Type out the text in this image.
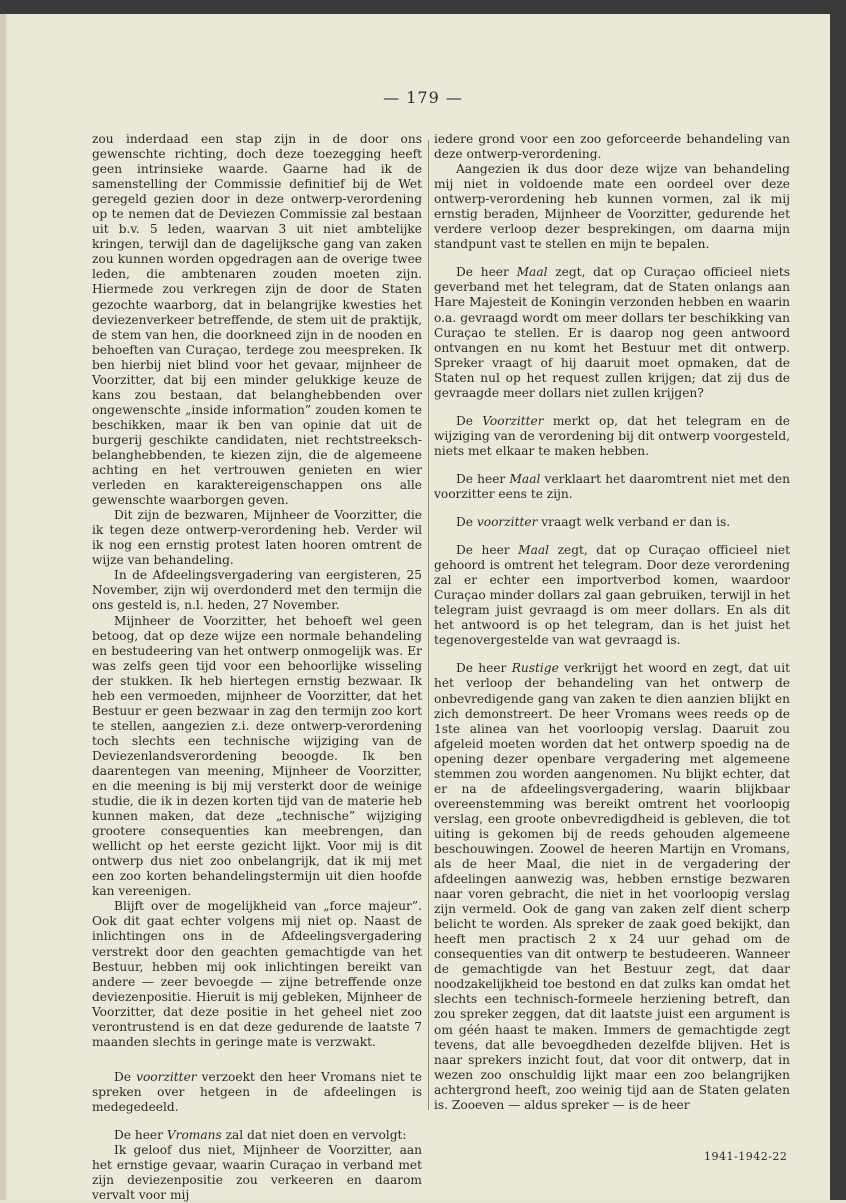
— 179 —

zou inderdaad een stap zijn in de door ons gewenschte richting, doch deze toezegging heeft geen intrinsieke waarde. Gaarne had ik de samenstelling der Commissie definitief bij de Wet geregeld gezien door in deze ontwerp-verordening op te nemen dat de Deviezen Commissie zal bestaan uit b.v. 5 leden, waarvan 3 uit niet ambtelijke kringen, terwijl dan de dagelijksche gang van zaken zou kunnen worden opgedragen aan de overige twee leden, die ambtenaren zouden moeten zijn. Hiermede zou verkregen zijn de door de Staten gezochte waarborg, dat in belangrijke kwesties het deviezenverkeer betreffende, de stem uit de praktijk, de stem van hen, die doorkneed zijn in de nooden en behoeften van Curaçao, terdege zou meespreken. Ik ben hierbij niet blind voor het gevaar, mijnheer de Voorzitter, dat bij een minder gelukkige keuze de kans zou bestaan, dat belanghebbenden over ongewenschte „inside information” zouden komen te beschikken, maar ik ben van opinie dat uit de burgerij geschikte candidaten, niet rechtstreeksch-belanghebbenden, te kiezen zijn, die de algemeene achting en het vertrouwen genieten en wier verleden en karaktereigenschappen ons alle gewenschte waarborgen geven.

Dit zijn de bezwaren, Mijnheer de Voorzitter, die ik tegen deze ontwerp-verordening heb. Verder wil ik nog een ernstig protest laten hooren omtrent de wijze van behandeling.

In de Afdeelingsvergadering van eergisteren, 25 November, zijn wij overdonderd met den termijn die ons gesteld is, n.l. heden, 27 November.

Mijnheer de Voorzitter, het behoeft wel geen betoog, dat op deze wijze een normale behandeling en bestudeering van het ontwerp onmogelijk was. Er was zelfs geen tijd voor een behoorlijke wisseling der stukken. Ik heb hiertegen ernstig bezwaar. Ik heb een vermoeden, mijnheer de Voorzitter, dat het Bestuur er geen bezwaar in zag den termijn zoo kort te stellen, aangezien z.i. deze ontwerp-verordening toch slechts een technische wijziging van de Deviezenlandsverordening beoogde. Ik ben daarentegen van meening, Mijnheer de Voorzitter, en die meening is bij mij versterkt door de weinige studie, die ik in dezen korten tijd van de materie heb kunnen maken, dat deze „technische” wijziging grootere consequenties kan meebrengen, dan wellicht op het eerste gezicht lijkt. Voor mij is dit ontwerp dus niet zoo onbelangrijk, dat ik mij met een zoo korten behandelingstermijn uit dien hoofde kan vereenigen.

Blijft over de mogelijkheid van „force majeur”. Ook dit gaat echter volgens mij niet op. Naast de inlichtingen ons in de Afdeelingsvergadering verstrekt door den geachten gemachtigde van het Bestuur, hebben mij ook inlichtingen bereikt van andere — zeer bevoegde — zijne betreffende onze deviezenpositie. Hieruit is mij gebleken, Mijnheer de Voorzitter, dat deze positie in het geheel niet zoo verontrustend is en dat deze gedurende de laatste 7 maanden slechts in geringe mate is verzwakt.

De voorzitter verzoekt den heer Vromans niet te spreken over hetgeen in de afdeelingen is medegedeeld.

De heer Vromans zal dat niet doen en vervolgt:

Ik geloof dus niet, Mijnheer de Voorzitter, aan het ernstige gevaar, waarin Curaçao in verband met zijn deviezenpositie zou verkeeren en daarom vervalt voor mij

iedere grond voor een zoo geforceerde behandeling van deze ontwerp-verordening.

Aangezien ik dus door deze wijze van behandeling mij niet in voldoende mate een oordeel over deze ontwerp-verordening heb kunnen vormen, zal ik mij ernstig beraden, Mijnheer de Voorzitter, gedurende het verdere verloop dezer besprekingen, om daarna mijn standpunt vast te stellen en mijn te bepalen.

De heer Maal zegt, dat op Curaçao officieel niets geverband met het telegram, dat de Staten onlangs aan Hare Majesteit de Koningin verzonden hebben en waarin o.a. gevraagd wordt om meer dollars ter beschikking van Curaçao te stellen. Er is daarop nog geen antwoord ontvangen en nu komt het Bestuur met dit ontwerp. Spreker vraagt of hij daaruit moet opmaken, dat de Staten nul op het request zullen krijgen; dat zij dus de gevraagde meer dollars niet zullen krijgen?

De Voorzitter merkt op, dat het telegram en de wijziging van de verordening bij dit ontwerp voorgesteld, niets met elkaar te maken hebben.

De heer Maal verklaart het daaromtrent niet met den voorzitter eens te zijn.

De voorzitter vraagt welk verband er dan is.

De heer Maal zegt, dat op Curaçao officieel niet gehoord is omtrent het telegram. Door deze verordening zal er echter een importverbod komen, waardoor Curaçao minder dollars zal gaan gebruiken, terwijl in het telegram juist gevraagd is om meer dollars. En als dit het antwoord is op het telegram, dan is het juist het tegenovergestelde van wat gevraagd is.

De heer Rustige verkrijgt het woord en zegt, dat uit het verloop der behandeling van het ontwerp de onbevredigende gang van zaken te dien aanzien blijkt en zich demonstreert. De heer Vromans wees reeds op de 1ste alinea van het voorloopig verslag. Daaruit zou afgeleid moeten worden dat het ontwerp spoedig na de opening dezer openbare vergadering met algemeene stemmen zou worden aangenomen. Nu blijkt echter, dat er na de afdeelingsvergadering, waarin blijkbaar overeenstemming was bereikt omtrent het voorloopig verslag, een groote onbevredigdheid is gebleven, die tot uiting is gekomen bij de reeds gehouden algemeene beschouwingen. Zoowel de heeren Martijn en Vromans, als de heer Maal, die niet in de vergadering der afdeelingen aanwezig was, hebben ernstige bezwaren naar voren gebracht, die niet in het voorloopig verslag zijn vermeld. Ook de gang van zaken zelf dient scherp belicht te worden. Als spreker de zaak goed bekijkt, dan heeft men practisch 2 x 24 uur gehad om de consequenties van dit ontwerp te bestudeeren. Wanneer de gemachtigde van het Bestuur zegt, dat daar noodzakelijkheid toe bestond en dat zulks kan omdat het slechts een technisch-formeele herziening betreft, dan zou spreker zeggen, dat dit laatste juist een argument is om géén haast te maken. Immers de gemachtigde zegt tevens, dat alle bevoegdheden dezelfde blijven. Het is naar sprekers inzicht fout, dat voor dit ontwerp, dat in wezen zoo onschuldig lijkt maar een zoo belangrijken achtergrond heeft, zoo weinig tijd aan de Staten gelaten is. Zooeven — aldus spreker — is de heer

1941-1942-22
